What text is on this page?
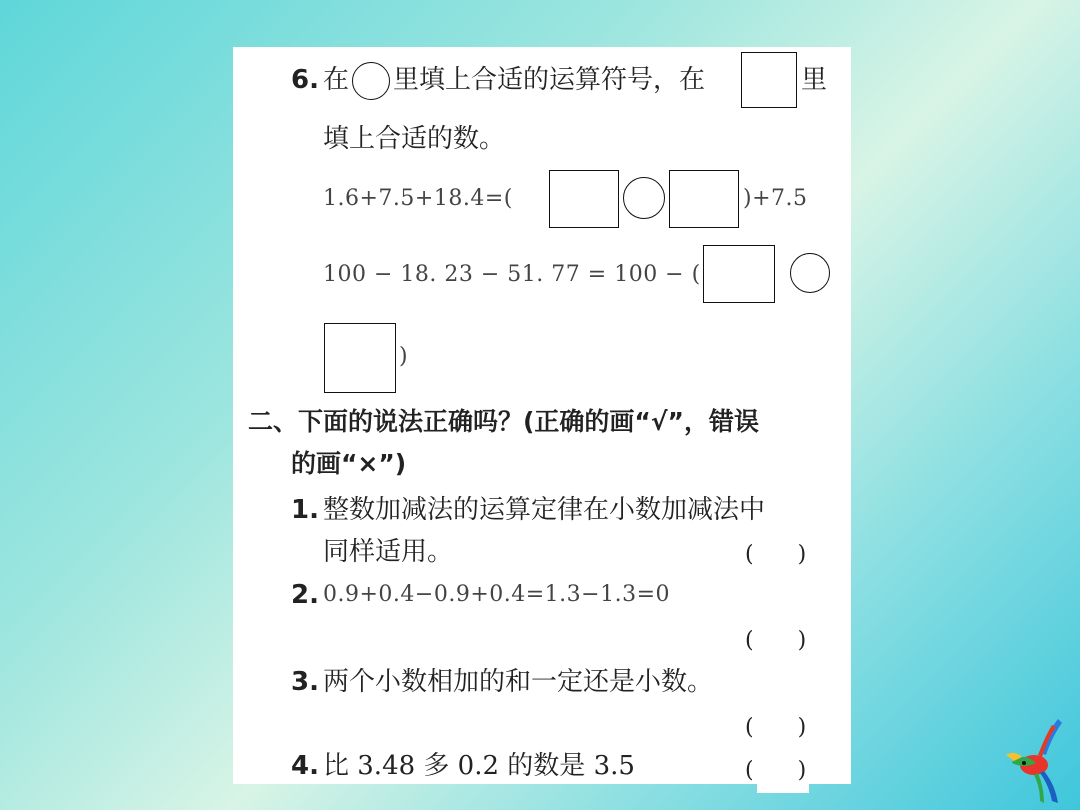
6. 在 里填上合适的运算符号，在	里
填上合适的数。
1.6+7.5+18.4=(	)+7.5
100 − 18. 23 − 51. 77 = 100 − (
)
二、下面的说法正确吗？(正确的画“√”，错误
的画“×”)
1. 整数加减法的运算定律在小数加减法中
同样适用。	(　　)
2. 0.9+0.4−0.9+0.4=1.3−1.3=0
(　　)
3. 两个小数相加的和一定还是小数。
(　　)
4. 比 3.48 多 0.2 的数是 3.5	(　　)
